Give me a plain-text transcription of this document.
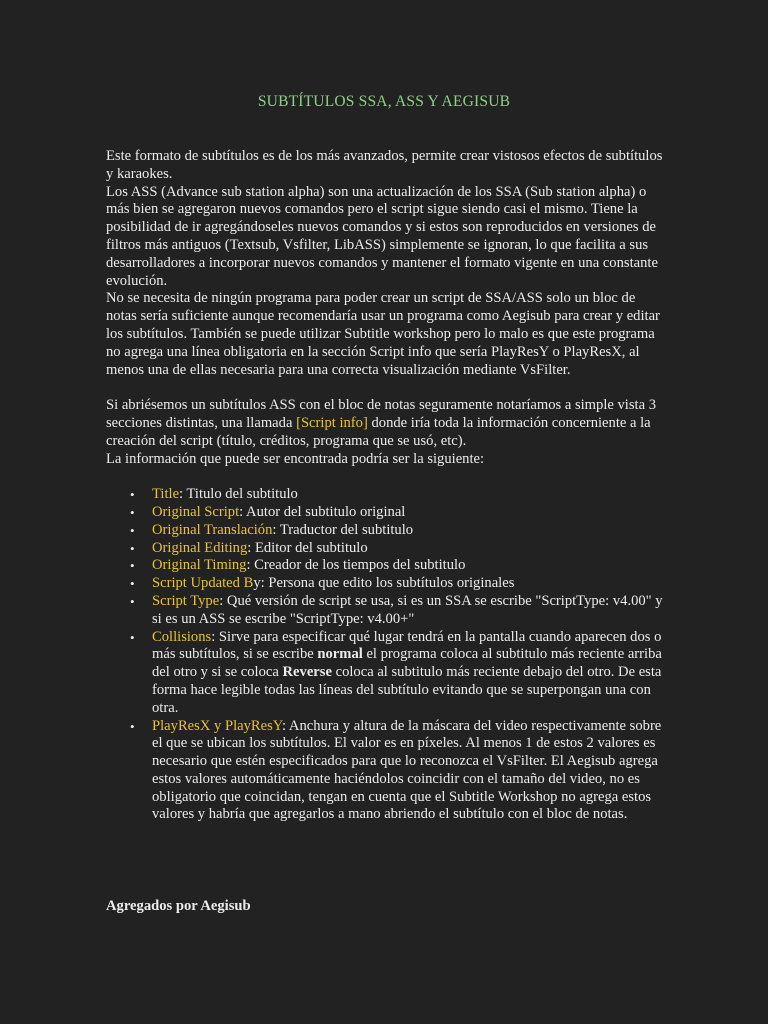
SUBTÍTULOS SSA, ASS Y AEGISUB

Este formato de subtítulos es de los más avanzados, permite crear vistosos efectos de subtítulos y karaokes.

Los ASS (Advance sub station alpha) son una actualización de los SSA (Sub station alpha) o más bien se agregaron nuevos comandos pero el script sigue siendo casi el mismo. Tiene la posibilidad de ir agregándoseles nuevos comandos y si estos son reproducidos en versiones de filtros más antiguos (Textsub, Vsfilter, LibASS) simplemente se ignoran, lo que facilita a sus desarrolladores a incorporar nuevos comandos y mantener el formato vigente en una constante evolución.

No se necesita de ningún programa para poder crear un script de SSA/ASS solo un bloc de notas sería suficiente aunque recomendaría usar un programa como Aegisub para crear y editar los subtítulos. También se puede utilizar Subtitle workshop pero lo malo es que este programa no agrega una línea obligatoria en la sección Script info que sería PlayResY o PlayResX, al menos una de ellas necesaria para una correcta visualización mediante VsFilter.

Si abriésemos un subtítulos ASS con el bloc de notas seguramente notaríamos a simple vista 3 secciones distintas, una llamada [Script info] donde iría toda la información concerniente a la creación del script (título, créditos, programa que se usó, etc).

La información que puede ser encontrada podría ser la siguiente:

• Title: Titulo del subtitulo
• Original Script: Autor del subtitulo original
• Original Translación: Traductor del subtitulo
• Original Editing: Editor del subtitulo
• Original Timing: Creador de los tiempos del subtitulo
• Script Updated By: Persona que edito los subtítulos originales
• Script Type: Qué versión de script se usa, si es un SSA se escribe "ScriptType: v4.00" y si es un ASS se escribe "ScriptType: v4.00+"
• Collisions: Sirve para especificar qué lugar tendrá en la pantalla cuando aparecen dos o más subtítulos, si se escribe normal el programa coloca al subtitulo más reciente arriba del otro y si se coloca Reverse coloca al subtitulo más reciente debajo del otro. De esta forma hace legible todas las líneas del subtítulo evitando que se superpongan una con otra.
• PlayResX y PlayResY: Anchura y altura de la máscara del video respectivamente sobre el que se ubican los subtítulos. El valor es en píxeles. Al menos 1 de estos 2 valores es necesario que estén especificados para que lo reconozca el VsFilter. El Aegisub agrega estos valores automáticamente haciéndolos coincidir con el tamaño del video, no es obligatorio que coincidan, tengan en cuenta que el Subtitle Workshop no agrega estos valores y habría que agregarlos a mano abriendo el subtítulo con el bloc de notas.
Agregados por Aegisub
